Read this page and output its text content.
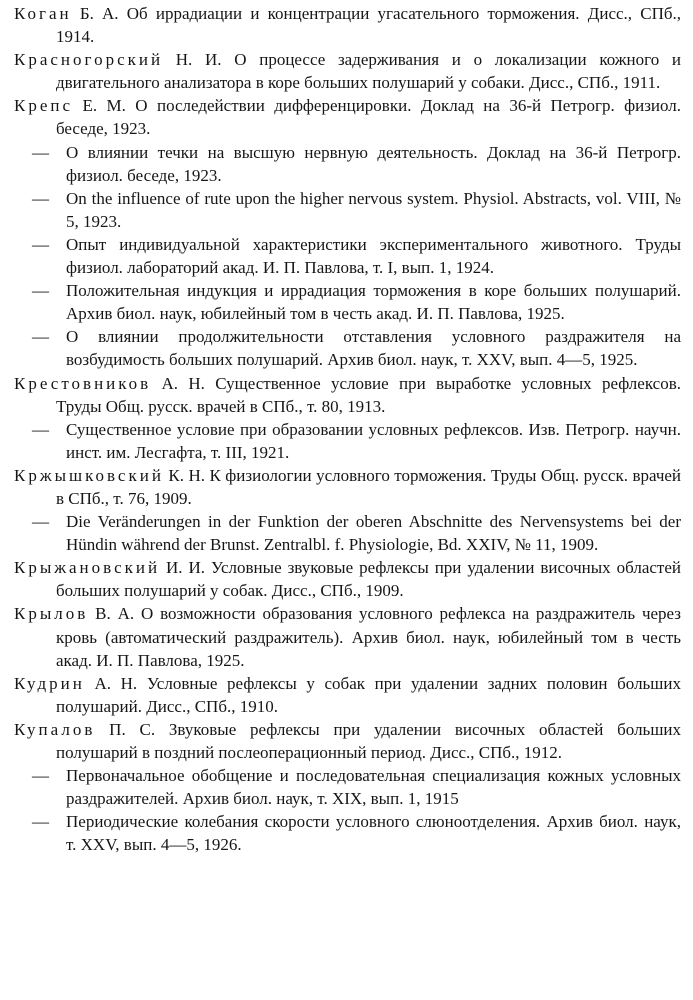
Коган Б. А. Об иррадиации и концентрации угасательного торможения. Дисс., СПб., 1914.

Красногорский Н. И. О процессе задерживания и о локализации кожного и двигательного анализатора в коре больших полушарий у собаки. Дисс., СПб., 1911.

Крепс Е. М. О последействии дифференцировки. Доклад на 36-й Петрогр. физиол. беседе, 1923.

— О влиянии течки на высшую нервную деятельность. Доклад на 36-й Петрогр. физиол. беседе, 1923.

— On the influence of rute upon the higher nervous system. Physiol. Abstracts, vol. VIII, № 5, 1923.

— Опыт индивидуальной характеристики экспериментального животного. Труды физиол. лабораторий акад. И. П. Павлова, т. I, вып. 1, 1924.

— Положительная индукция и иррадиация торможения в коре больших полушарий. Архив биол. наук, юбилейный том в честь акад. И. П. Павлова, 1925.

— О влиянии продолжительности отставления условного раздражителя на возбудимость больших полушарий. Архив биол. наук, т. XXV, вып. 4—5, 1925.

Крестовников А. Н. Существенное условие при выработке условных рефлексов. Труды Общ. русск. врачей в СПб., т. 80, 1913.

— Существенное условие при образовании условных рефлексов. Изв. Петрогр. научн. инст. им. Лесгафта, т. III, 1921.

Кржышковский К. Н. К физиологии условного торможения. Труды Общ. русск. врачей в СПб., т. 76, 1909.

— Die Veränderungen in der Funktion der oberen Abschnitte des Nervensystems bei der Hündin während der Brunst. Zentralbl. f. Physiologie, Bd. XXIV, № 11, 1909.

Крыжановский И. И. Условные звуковые рефлексы при удалении височных областей больших полушарий у собак. Дисс., СПб., 1909.

Крылов В. А. О возможности образования условного рефлекса на раздражитель через кровь (автоматический раздражитель). Архив биол. наук, юбилейный том в честь акад. И. П. Павлова, 1925.

Кудрин А. Н. Условные рефлексы у собак при удалении задних половин больших полушарий. Дисс., СПб., 1910.

Купалов П. С. Звуковые рефлексы при удалении височных областей больших полушарий в поздний послеоперационный период. Дисс., СПб., 1912.

— Первоначальное обобщение и последовательная специализация кожных условных раздражителей. Архив биол. наук, т. XIX, вып. 1, 1915

— Периодические колебания скорости условного слюноотделения. Архив биол. наук, т. XXV, вып. 4—5, 1926.
